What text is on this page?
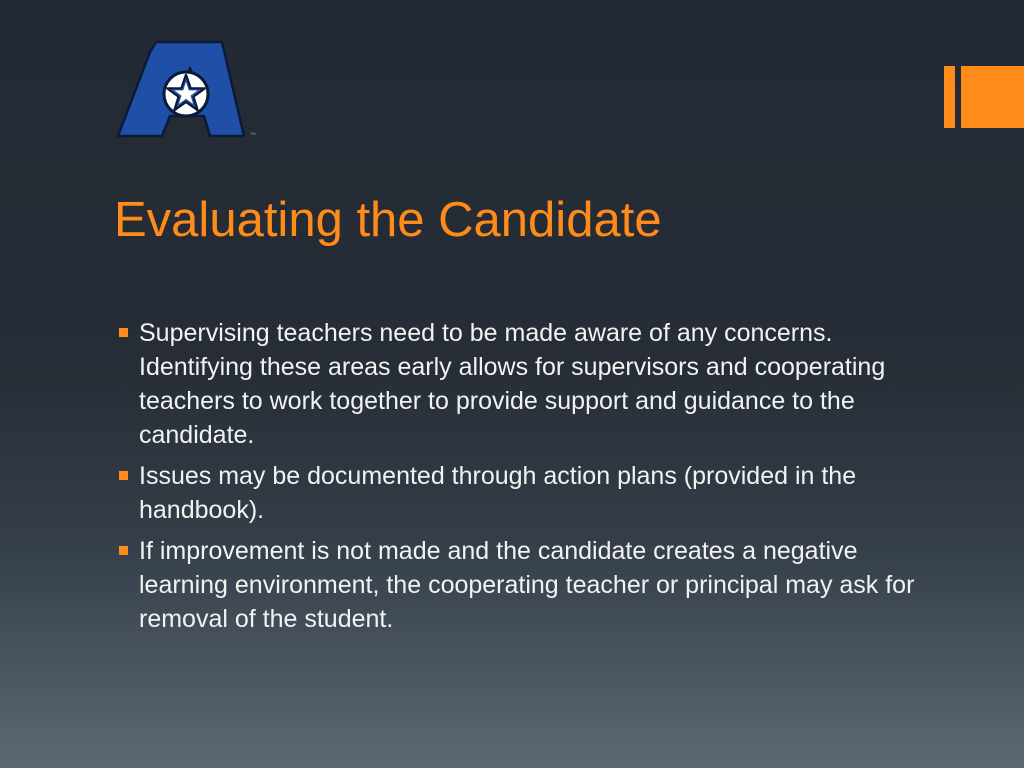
TM
Evaluating the Candidate
Supervising teachers need to be made aware of any concerns. Identifying these areas early allows for supervisors and cooperating teachers to work together to provide support and guidance to the candidate.
Issues may be documented through action plans (provided in the handbook).
If improvement is not made and the candidate creates a negative learning environment, the cooperating teacher or principal may ask for removal of the student.
